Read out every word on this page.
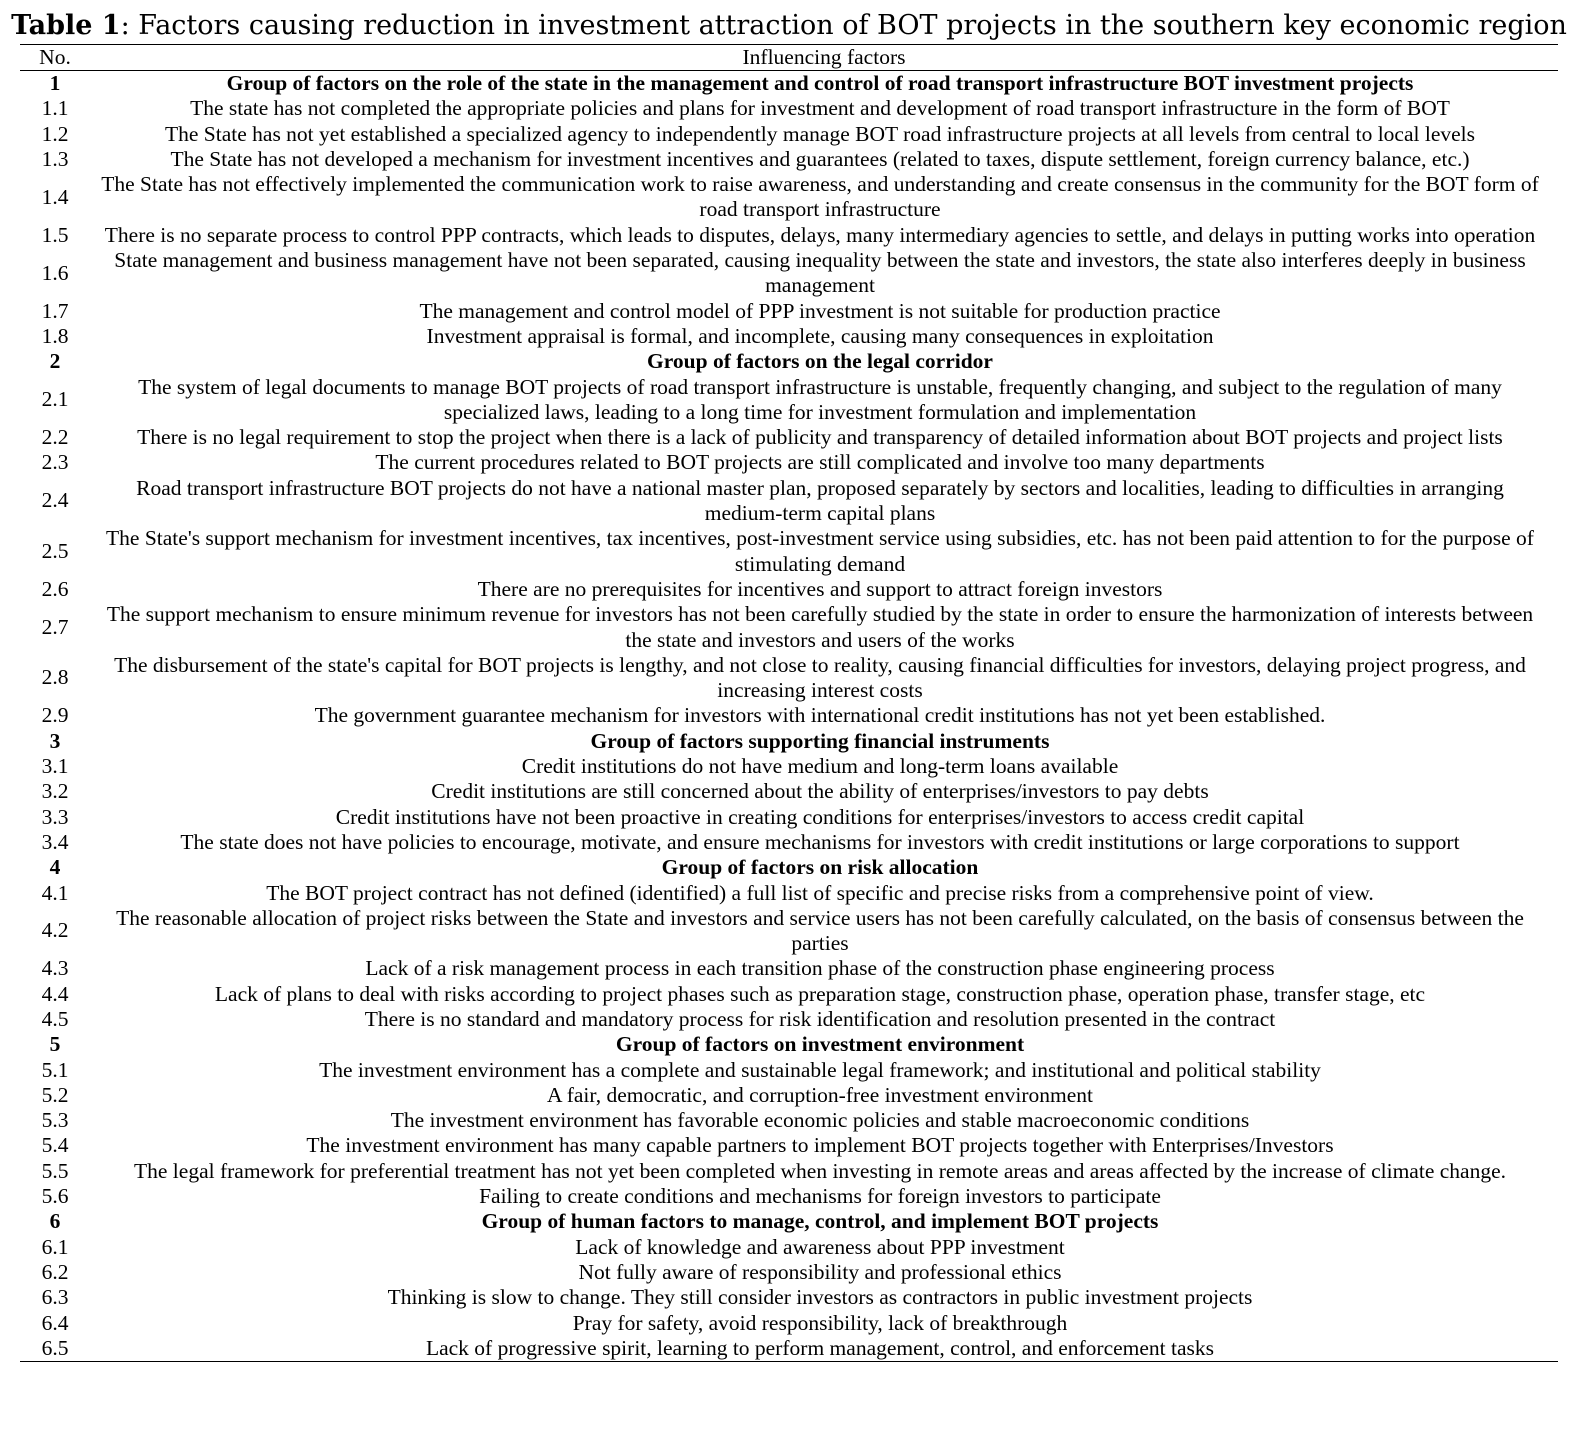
Table 1: Factors causing reduction in investment attraction of BOT projects in the southern key economic region
No.	Influencing factors
1	Group of factors on the role of the state in the management and control of road transport infrastructure BOT investment projects
1.1	The state has not completed the appropriate policies and plans for investment and development of road transport infrastructure in the form of BOT
1.2	The State has not yet established a specialized agency to independently manage BOT road infrastructure projects at all levels from central to local levels
1.3	The State has not developed a mechanism for investment incentives and guarantees (related to taxes, dispute settlement, foreign currency balance, etc.)
1.4	The State has not effectively implemented the communication work to raise awareness, and understanding and create consensus in the community for the BOT form of road transport infrastructure
1.5	There is no separate process to control PPP contracts, which leads to disputes, delays, many intermediary agencies to settle, and delays in putting works into operation
1.6	State management and business management have not been separated, causing inequality between the state and investors, the state also interferes deeply in business management
1.7	The management and control model of PPP investment is not suitable for production practice
1.8	Investment appraisal is formal, and incomplete, causing many consequences in exploitation
2	Group of factors on the legal corridor
2.1	The system of legal documents to manage BOT projects of road transport infrastructure is unstable, frequently changing, and subject to the regulation of many specialized laws, leading to a long time for investment formulation and implementation
2.2	There is no legal requirement to stop the project when there is a lack of publicity and transparency of detailed information about BOT projects and project lists
2.3	The current procedures related to BOT projects are still complicated and involve too many departments
2.4	Road transport infrastructure BOT projects do not have a national master plan, proposed separately by sectors and localities, leading to difficulties in arranging medium-term capital plans
2.5	The State's support mechanism for investment incentives, tax incentives, post-investment service using subsidies, etc. has not been paid attention to for the purpose of stimulating demand
2.6	There are no prerequisites for incentives and support to attract foreign investors
2.7	The support mechanism to ensure minimum revenue for investors has not been carefully studied by the state in order to ensure the harmonization of interests between the state and investors and users of the works
2.8	The disbursement of the state's capital for BOT projects is lengthy, and not close to reality, causing financial difficulties for investors, delaying project progress, and increasing interest costs
2.9	The government guarantee mechanism for investors with international credit institutions has not yet been established.
3	Group of factors supporting financial instruments
3.1	Credit institutions do not have medium and long-term loans available
3.2	Credit institutions are still concerned about the ability of enterprises/investors to pay debts
3.3	Credit institutions have not been proactive in creating conditions for enterprises/investors to access credit capital
3.4	The state does not have policies to encourage, motivate, and ensure mechanisms for investors with credit institutions or large corporations to support
4	Group of factors on risk allocation
4.1	The BOT project contract has not defined (identified) a full list of specific and precise risks from a comprehensive point of view.
4.2	The reasonable allocation of project risks between the State and investors and service users has not been carefully calculated, on the basis of consensus between the parties
4.3	Lack of a risk management process in each transition phase of the construction phase engineering process
4.4	Lack of plans to deal with risks according to project phases such as preparation stage, construction phase, operation phase, transfer stage, etc
4.5	There is no standard and mandatory process for risk identification and resolution presented in the contract
5	Group of factors on investment environment
5.1	The investment environment has a complete and sustainable legal framework; and institutional and political stability
5.2	A fair, democratic, and corruption-free investment environment
5.3	The investment environment has favorable economic policies and stable macroeconomic conditions
5.4	The investment environment has many capable partners to implement BOT projects together with Enterprises/Investors
5.5	The legal framework for preferential treatment has not yet been completed when investing in remote areas and areas affected by the increase of climate change.
5.6	Failing to create conditions and mechanisms for foreign investors to participate
6	Group of human factors to manage, control, and implement BOT projects
6.1	Lack of knowledge and awareness about PPP investment
6.2	Not fully aware of responsibility and professional ethics
6.3	Thinking is slow to change. They still consider investors as contractors in public investment projects
6.4	Pray for safety, avoid responsibility, lack of breakthrough
6.5	Lack of progressive spirit, learning to perform management, control, and enforcement tasks
